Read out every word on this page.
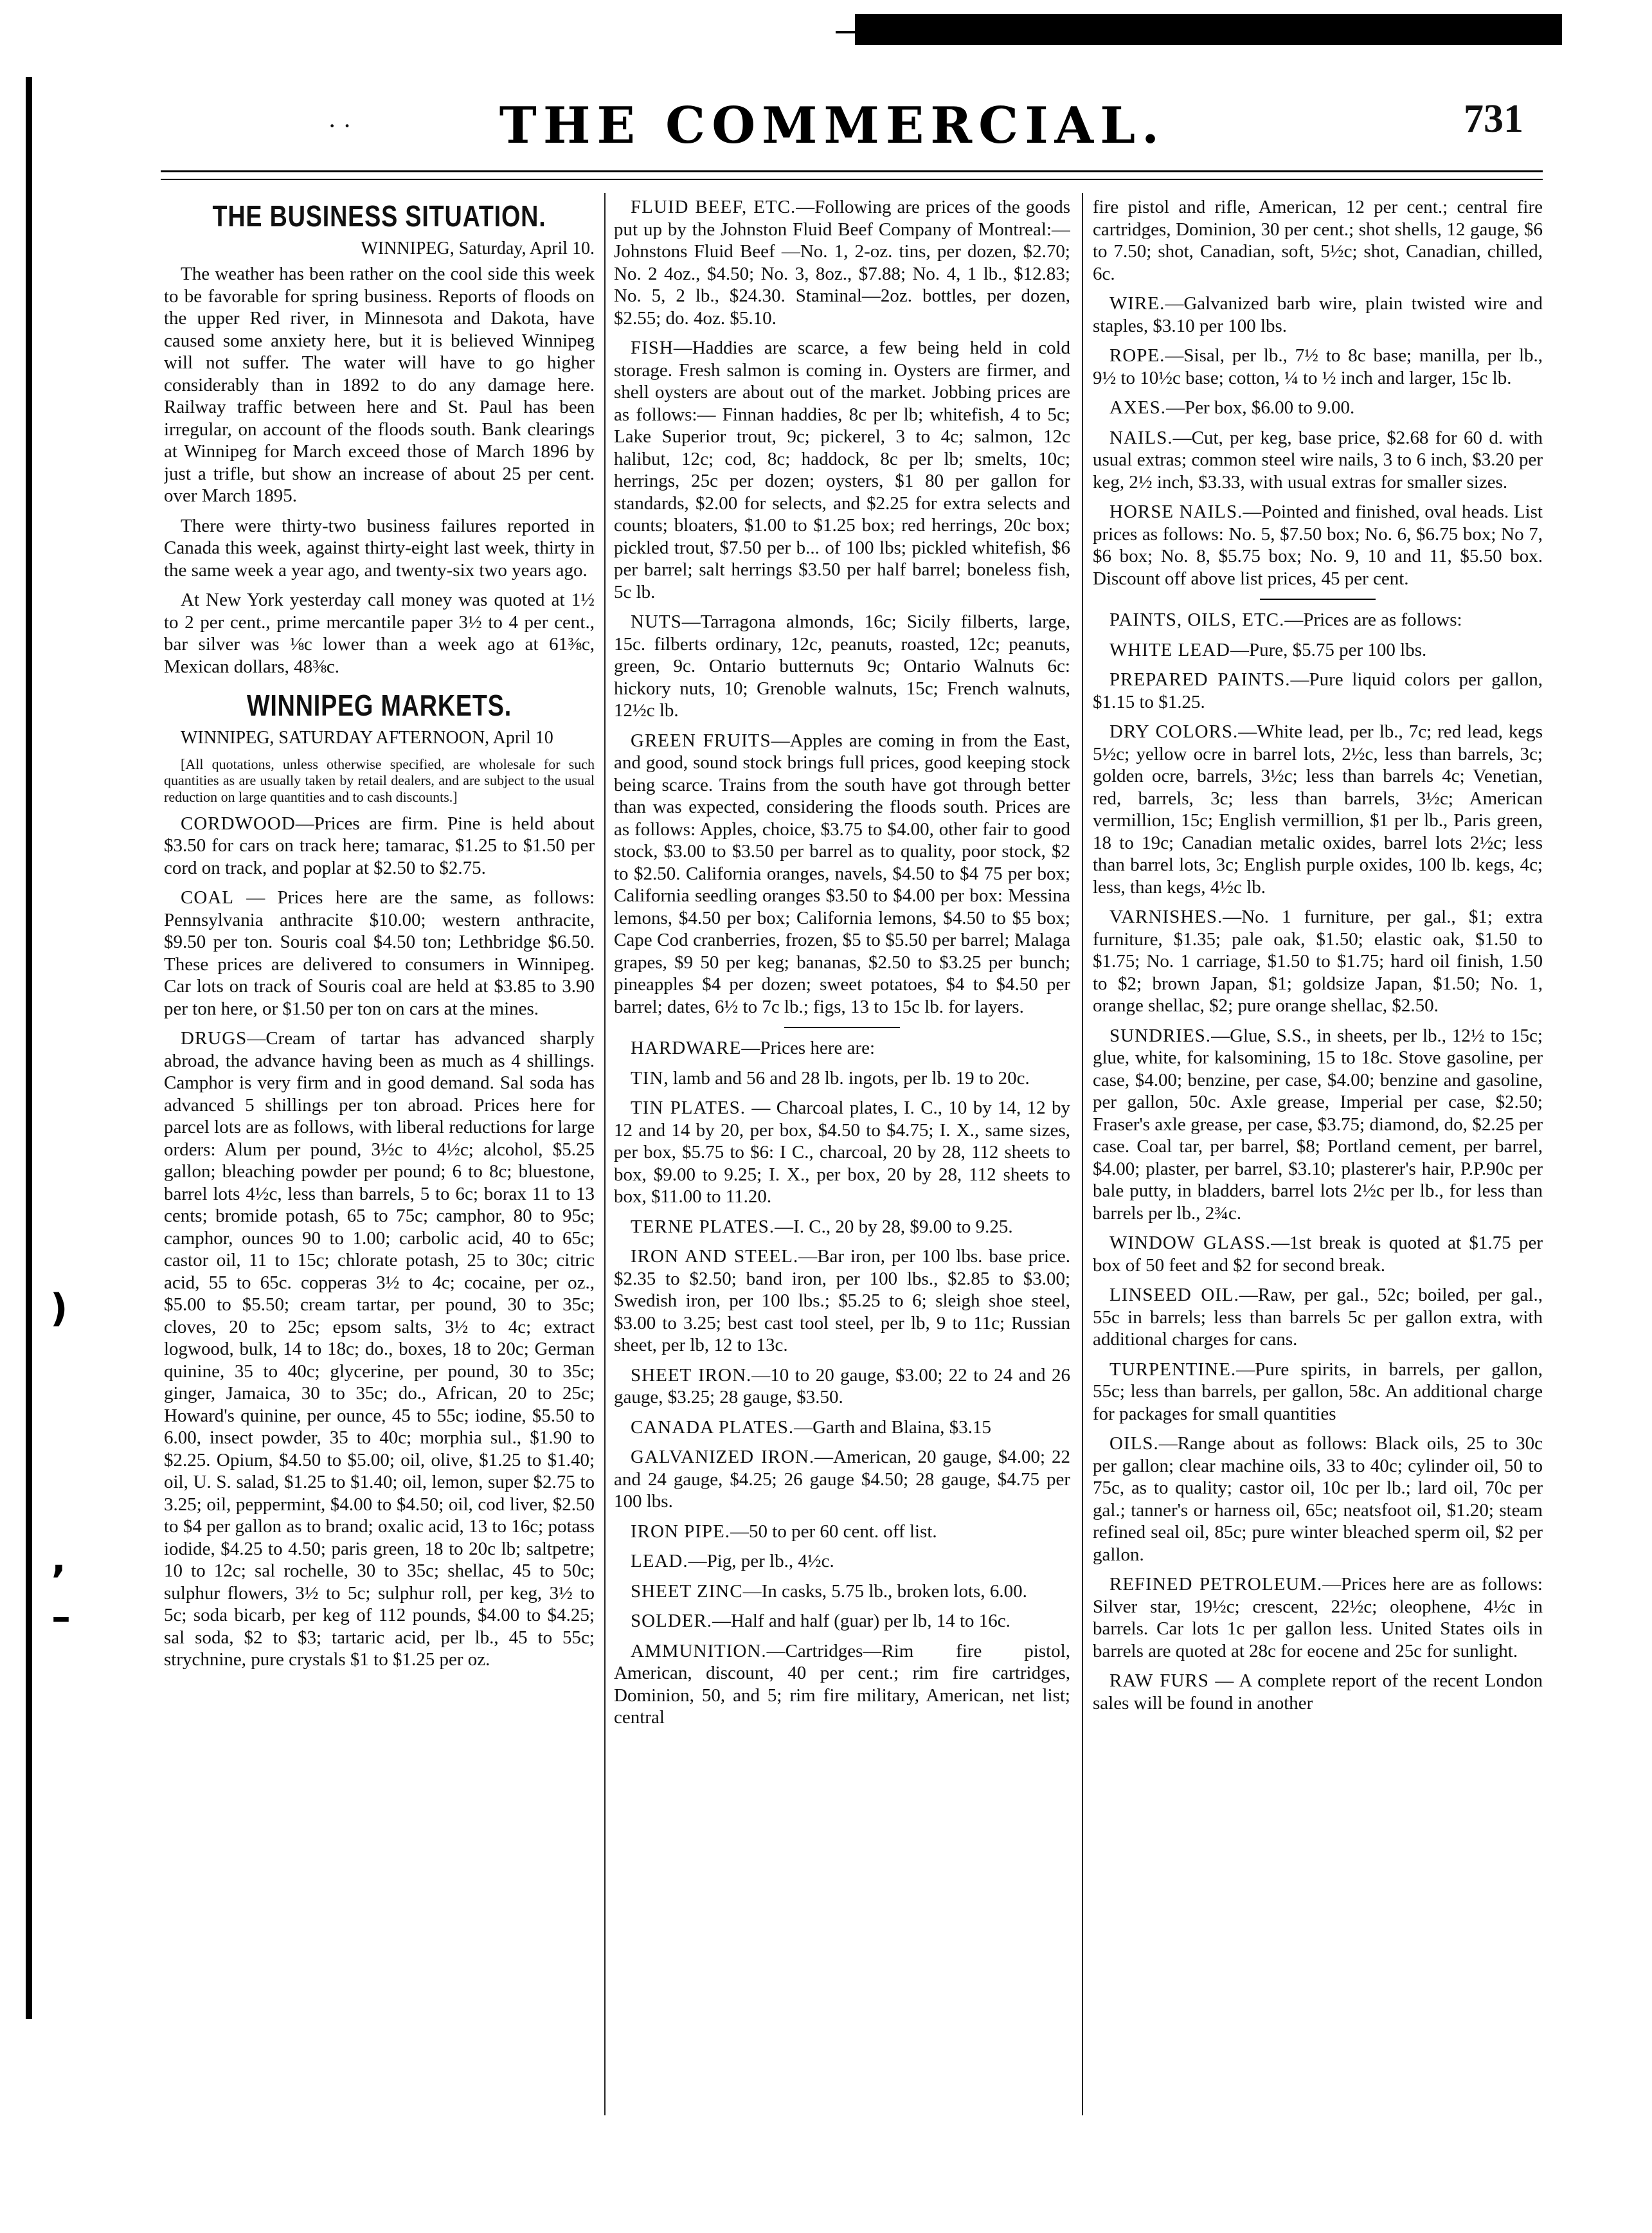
)
,
–
· ·	THE COMMERCIAL.	731
THE BUSINESS SITUATION.
WINNIPEG, Saturday, April 10.

The weather has been rather on the cool side this week to be favorable for spring business. Reports of floods on the upper Red river, in Minnesota and Dakota, have caused some anxiety here, but it is believed Winnipeg will not suffer. The water will have to go higher considerably than in 1892 to do any damage here. Railway traffic between here and St. Paul has been irregular, on account of the floods south. Bank clearings at Winnipeg for March exceed those of March 1896 by just a trifle, but show an increase of about 25 per cent. over March 1895.

There were thirty-two business failures reported in Canada this week, against thirty-eight last week, thirty in the same week a year ago, and twenty-six two years ago.

At New York yesterday call money was quoted at 1½ to 2 per cent., prime mercantile paper 3½ to 4 per cent., bar silver was ⅛c lower than a week ago at 61⅜c, Mexican dollars, 48⅜c.

WINNIPEG MARKETS.

WINNIPEG, SATURDAY AFTERNOON, April 10

[All quotations, unless otherwise specified, are wholesale for such quantities as are usually taken by retail dealers, and are subject to the usual reduction on large quantities and to cash discounts.]

CORDWOOD—Prices are firm. Pine is held about $3.50 for cars on track here; tamarac, $1.25 to $1.50 per cord on track, and poplar at $2.50 to $2.75.

COAL — Prices here are the same, as follows: Pennsylvania anthracite $10.00; western anthracite, $9.50 per ton. Souris coal $4.50 ton; Lethbridge $6.50. These prices are delivered to consumers in Winnipeg. Car lots on track of Souris coal are held at $3.85 to 3.90 per ton here, or $1.50 per ton on cars at the mines.

DRUGS—Cream of tartar has advanced sharply abroad, the advance having been as much as 4 shillings. Camphor is very firm and in good demand. Sal soda has advanced 5 shillings per ton abroad. Prices here for parcel lots are as follows, with liberal reductions for large orders: Alum per pound, 3½c to 4½c; alcohol, $5.25 gallon; bleaching powder per pound; 6 to 8c; bluestone, barrel lots 4½c, less than barrels, 5 to 6c; borax 11 to 13 cents; bromide potash, 65 to 75c; camphor, 80 to 95c; camphor, ounces 90 to 1.00; carbolic acid, 40 to 65c; castor oil, 11 to 15c; chlorate potash, 25 to 30c; citric acid, 55 to 65c. copperas 3½ to 4c; cocaine, per oz., $5.00 to $5.50; cream tartar, per pound, 30 to 35c; cloves, 20 to 25c; epsom salts, 3½ to 4c; extract logwood, bulk, 14 to 18c; do., boxes, 18 to 20c; German quinine, 35 to 40c; glycerine, per pound, 30 to 35c; ginger, Jamaica, 30 to 35c; do., African, 20 to 25c; Howard's quinine, per ounce, 45 to 55c; iodine, $5.50 to 6.00, insect powder, 35 to 40c; morphia sul., $1.90 to $2.25. Opium, $4.50 to $5.00; oil, olive, $1.25 to $1.40; oil, U. S. salad, $1.25 to $1.40; oil, lemon, super $2.75 to 3.25; oil, peppermint, $4.00 to $4.50; oil, cod liver, $2.50 to $4 per gallon as to brand; oxalic acid, 13 to 16c; potass iodide, $4.25 to 4.50; paris green, 18 to 20c lb; saltpetre; 10 to 12c; sal rochelle, 30 to 35c; shellac, 45 to 50c; sulphur flowers, 3½ to 5c; sulphur roll, per keg, 3½ to 5c; soda bicarb, per keg of 112 pounds, $4.00 to $4.25; sal soda, $2 to $3; tartaric acid, per lb., 45 to 55c; strychnine, pure crystals $1 to $1.25 per oz.

FLUID BEEF, ETC.—Following are prices of the goods put up by the Johnston Fluid Beef Company of Montreal:—Johnstons Fluid Beef —No. 1, 2-oz. tins, per dozen, $2.70; No. 2 4oz., $4.50; No. 3, 8oz., $7.88; No. 4, 1 lb., $12.83; No. 5, 2 lb., $24.30. Staminal—2oz. bottles, per dozen, $2.55; do. 4oz. $5.10.

FISH—Haddies are scarce, a few being held in cold storage. Fresh salmon is coming in. Oysters are firmer, and shell oysters are about out of the market. Jobbing prices are as follows:— Finnan haddies, 8c per lb; whitefish, 4 to 5c; Lake Superior trout, 9c; pickerel, 3 to 4c; salmon, 12c halibut, 12c; cod, 8c; haddock, 8c per lb; smelts, 10c; herrings, 25c per dozen; oysters, $1 80 per gallon for standards, $2.00 for selects, and $2.25 for extra selects and counts; bloaters, $1.00 to $1.25 box; red herrings, 20c box; pickled trout, $7.50 per b... of 100 lbs; pickled whitefish, $6 per barrel; salt herrings $3.50 per half barrel; boneless fish, 5c lb.

NUTS—Tarragona almonds, 16c; Sicily filberts, large, 15c. filberts ordinary, 12c, peanuts, roasted, 12c; peanuts, green, 9c. Ontario butternuts 9c; Ontario Walnuts 6c: hickory nuts, 10; Grenoble walnuts, 15c; French walnuts, 12½c lb.

GREEN FRUITS—Apples are coming in from the East, and good, sound stock brings full prices, good keeping stock being scarce. Trains from the south have got through better than was expected, considering the floods south. Prices are as follows: Apples, choice, $3.75 to $4.00, other fair to good stock, $3.00 to $3.50 per barrel as to quality, poor stock, $2 to $2.50. California oranges, navels, $4.50 to $4 75 per box; California seedling oranges $3.50 to $4.00 per box: Messina lemons, $4.50 per box; California lemons, $4.50 to $5 box; Cape Cod cranberries, frozen, $5 to $5.50 per barrel; Malaga grapes, $9 50 per keg; bananas, $2.50 to $3.25 per bunch; pineapples $4 per dozen; sweet potatoes, $4 to $4.50 per barrel; dates, 6½ to 7c lb.; figs, 13 to 15c lb. for layers.

HARDWARE—Prices here are:

TIN, lamb and 56 and 28 lb. ingots, per lb. 19 to 20c.

TIN PLATES. — Charcoal plates, I. C., 10 by 14, 12 by 12 and 14 by 20, per box, $4.50 to $4.75; I. X., same sizes, per box, $5.75 to $6: I C., charcoal, 20 by 28, 112 sheets to box, $9.00 to 9.25; I. X., per box, 20 by 28, 112 sheets to box, $11.00 to 11.20.

TERNE PLATES.—I. C., 20 by 28, $9.00 to 9.25.

IRON AND STEEL.—Bar iron, per 100 lbs. base price. $2.35 to $2.50; band iron, per 100 lbs., $2.85 to $3.00; Swedish iron, per 100 lbs.; $5.25 to 6; sleigh shoe steel, $3.00 to 3.25; best cast tool steel, per lb, 9 to 11c; Russian sheet, per lb, 12 to 13c.

SHEET IRON.—10 to 20 gauge, $3.00; 22 to 24 and 26 gauge, $3.25; 28 gauge, $3.50.

CANADA PLATES.—Garth and Blaina, $3.15

GALVANIZED IRON.—American, 20 gauge, $4.00; 22 and 24 gauge, $4.25; 26 gauge $4.50; 28 gauge, $4.75 per 100 lbs.

IRON PIPE.—50 to per 60 cent. off list.

LEAD.—Pig, per lb., 4½c.

SHEET ZINC—In casks, 5.75 lb., broken lots, 6.00.

SOLDER.—Half and half (guar) per lb, 14 to 16c.

AMMUNITION.—Cartridges—Rim fire pistol, American, discount, 40 per cent.; rim fire cartridges, Dominion, 50, and 5; rim fire military, American, net list; central

fire pistol and rifle, American, 12 per cent.; central fire cartridges, Dominion, 30 per cent.; shot shells, 12 gauge, $6 to 7.50; shot, Canadian, soft, 5½c; shot, Canadian, chilled, 6c.

WIRE.—Galvanized barb wire, plain twisted wire and staples, $3.10 per 100 lbs.

ROPE.—Sisal, per lb., 7½ to 8c base; manilla, per lb., 9½ to 10½c base; cotton, ¼ to ½ inch and larger, 15c lb.

AXES.—Per box, $6.00 to 9.00.

NAILS.—Cut, per keg, base price, $2.68 for 60 d. with usual extras; common steel wire nails, 3 to 6 inch, $3.20 per keg, 2½ inch, $3.33, with usual extras for smaller sizes.

HORSE NAILS.—Pointed and finished, oval heads. List prices as follows: No. 5, $7.50 box; No. 6, $6.75 box; No 7, $6 box; No. 8, $5.75 box; No. 9, 10 and 11, $5.50 box. Discount off above list prices, 45 per cent.

PAINTS, OILS, ETC.—Prices are as follows:

WHITE LEAD—Pure, $5.75 per 100 lbs.

PREPARED PAINTS.—Pure liquid colors per gallon, $1.15 to $1.25.

DRY COLORS.—White lead, per lb., 7c; red lead, kegs 5½c; yellow ocre in barrel lots, 2½c, less than barrels, 3c; golden ocre, barrels, 3½c; less than barrels 4c; Venetian, red, barrels, 3c; less than barrels, 3½c; American vermillion, 15c; English vermillion, $1 per lb., Paris green, 18 to 19c; Canadian metalic oxides, barrel lots 2½c; less than barrel lots, 3c; English purple oxides, 100 lb. kegs, 4c; less, than kegs, 4½c lb.

VARNISHES.—No. 1 furniture, per gal., $1; extra furniture, $1.35; pale oak, $1.50; elastic oak, $1.50 to $1.75; No. 1 carriage, $1.50 to $1.75; hard oil finish, 1.50 to $2; brown Japan, $1; goldsize Japan, $1.50; No. 1, orange shellac, $2; pure orange shellac, $2.50.

SUNDRIES.—Glue, S.S., in sheets, per lb., 12½ to 15c; glue, white, for kalsomining, 15 to 18c. Stove gasoline, per case, $4.00; benzine, per case, $4.00; benzine and gasoline, per gallon, 50c. Axle grease, Imperial per case, $2.50; Fraser's axle grease, per case, $3.75; diamond, do, $2.25 per case. Coal tar, per barrel, $8; Portland cement, per barrel, $4.00; plaster, per barrel, $3.10; plasterer's hair, P.P.90c per bale putty, in bladders, barrel lots 2½c per lb., for less than barrels per lb., 2¾c.

WINDOW GLASS.—1st break is quoted at $1.75 per box of 50 feet and $2 for second break.

LINSEED OIL.—Raw, per gal., 52c; boiled, per gal., 55c in barrels; less than barrels 5c per gallon extra, with additional charges for cans.

TURPENTINE.—Pure spirits, in barrels, per gallon, 55c; less than barrels, per gallon, 58c. An additional charge for packages for small quantities

OILS.—Range about as follows: Black oils, 25 to 30c per gallon; clear machine oils, 33 to 40c; cylinder oil, 50 to 75c, as to quality; castor oil, 10c per lb.; lard oil, 70c per gal.; tanner's or harness oil, 65c; neatsfoot oil, $1.20; steam refined seal oil, 85c; pure winter bleached sperm oil, $2 per gallon.

REFINED PETROLEUM.—Prices here are as follows: Silver star, 19½c; crescent, 22½c; oleophene, 4½c in barrels. Car lots 1c per gallon less. United States oils in barrels are quoted at 28c for eocene and 25c for sunlight.

RAW FURS — A complete report of the recent London sales will be found in another
